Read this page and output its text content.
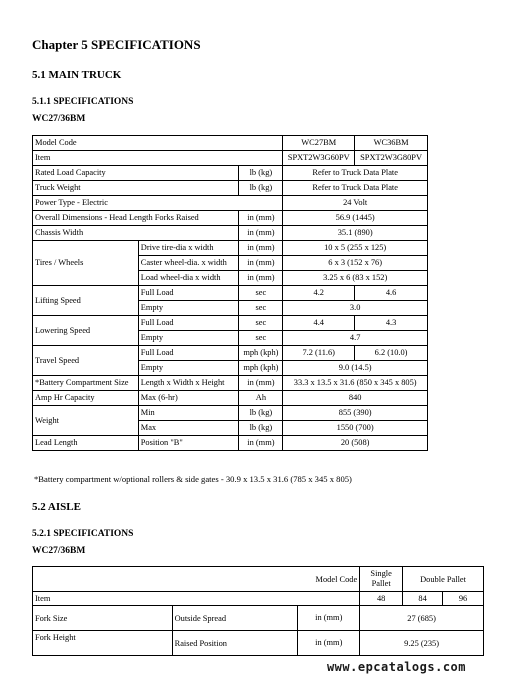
Chapter 5 SPECIFICATIONS
5.1 MAIN TRUCK
5.1.1 SPECIFICATIONS
WC27/36BM
Model Code			WC27BM	WC36BM
Item			SPXT2W3G60PV	SPXT2W3G80PV
Rated Load Capacity		lb (kg)	Refer to Truck Data Plate	
Truck Weight		lb (kg)	Refer to Truck Data Plate	
Power Type - Electric			24 Volt	
Overall Dimensions - Head Length Forks Raised		in (mm)	56.9 (1445)	
Chassis Width		in (mm)	35.1 (890)	
Tires / Wheels	Drive tire-dia x width	in (mm)	10 x 5 (255 x 125)	
	Caster wheel-dia. x width	in (mm)	6 x 3 (152 x 76)	
	Load wheel-dia x width	in (mm)	3.25 x 6 (83 x 152)	
Lifting Speed	Full Load	sec	4.2	4.6
	Empty	sec	3.0	
Lowering Speed	Full Load	sec	4.4	4.3
	Empty	sec	4.7	
Travel Speed	Full Load	mph (kph)	7.2 (11.6)	6.2 (10.0)
	Empty	mph (kph)	9.0 (14.5)	
*Battery Compartment Size	Length x Width x Height	in (mm)	33.3 x 13.5 x 31.6 (850 x 345 x 805)	
Amp Hr Capacity	Max (6-hr)	Ah	840	
Weight	Min	lb (kg)	855 (390)	
	Max	lb (kg)	1550 (700)	
Lead Length	Position "B"	in (mm)	20 (508)	
*Battery compartment w/optional rollers & side gates - 30.9 x 13.5 x 31.6 (785 x 345 x 805)
5.2 AISLE
5.2.1 SPECIFICATIONS
WC27/36BM
Model Code			Single Pallet	Double Pallet	
Item			48	84	96
Fork Size	Outside Spread	in (mm)	27 (685)		
Fork Height	Raised Position	in (mm)	9.25 (235)		
www.epcatalogs.com
